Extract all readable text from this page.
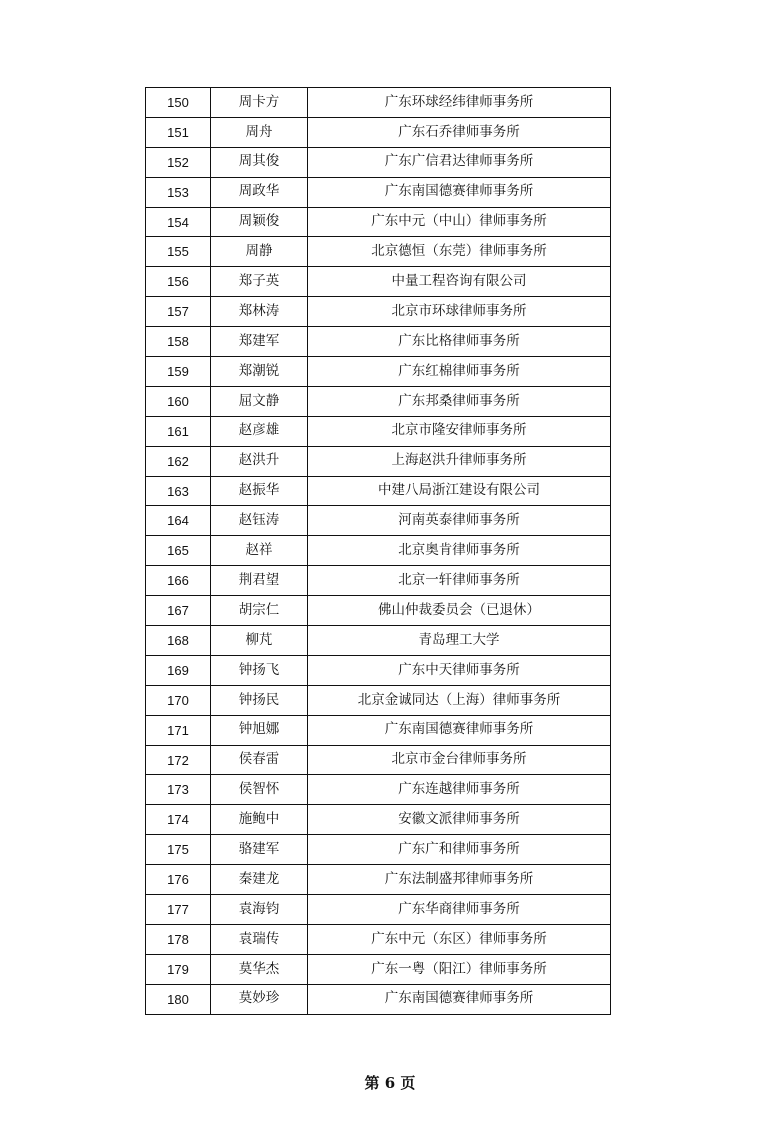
150	周卡方	广东环球经纬律师事务所
151	周舟	广东石乔律师事务所
152	周其俊	广东广信君达律师事务所
153	周政华	广东南国德赛律师事务所
154	周颖俊	广东中元（中山）律师事务所
155	周静	北京德恒（东莞）律师事务所
156	郑子英	中量工程咨询有限公司
157	郑林涛	北京市环球律师事务所
158	郑建军	广东比格律师事务所
159	郑潮锐	广东红棉律师事务所
160	屈文静	广东邦桑律师事务所
161	赵彦雄	北京市隆安律师事务所
162	赵洪升	上海赵洪升律师事务所
163	赵振华	中建八局浙江建设有限公司
164	赵钰涛	河南英泰律师事务所
165	赵祥	北京奥肯律师事务所
166	荆君望	北京一轩律师事务所
167	胡宗仁	佛山仲裁委员会（已退休）
168	柳芃	青岛理工大学
169	钟扬飞	广东中天律师事务所
170	钟扬民	北京金诚同达（上海）律师事务所
171	钟旭娜	广东南国德赛律师事务所
172	侯春雷	北京市金台律师事务所
173	侯智怀	广东连越律师事务所
174	施鲍中	安徽文派律师事务所
175	骆建军	广东广和律师事务所
176	秦建龙	广东法制盛邦律师事务所
177	袁海钧	广东华商律师事务所
178	袁瑞传	广东中元（东区）律师事务所
179	莫华杰	广东一粤（阳江）律师事务所
180	莫妙珍	广东南国德赛律师事务所
第 6 页
